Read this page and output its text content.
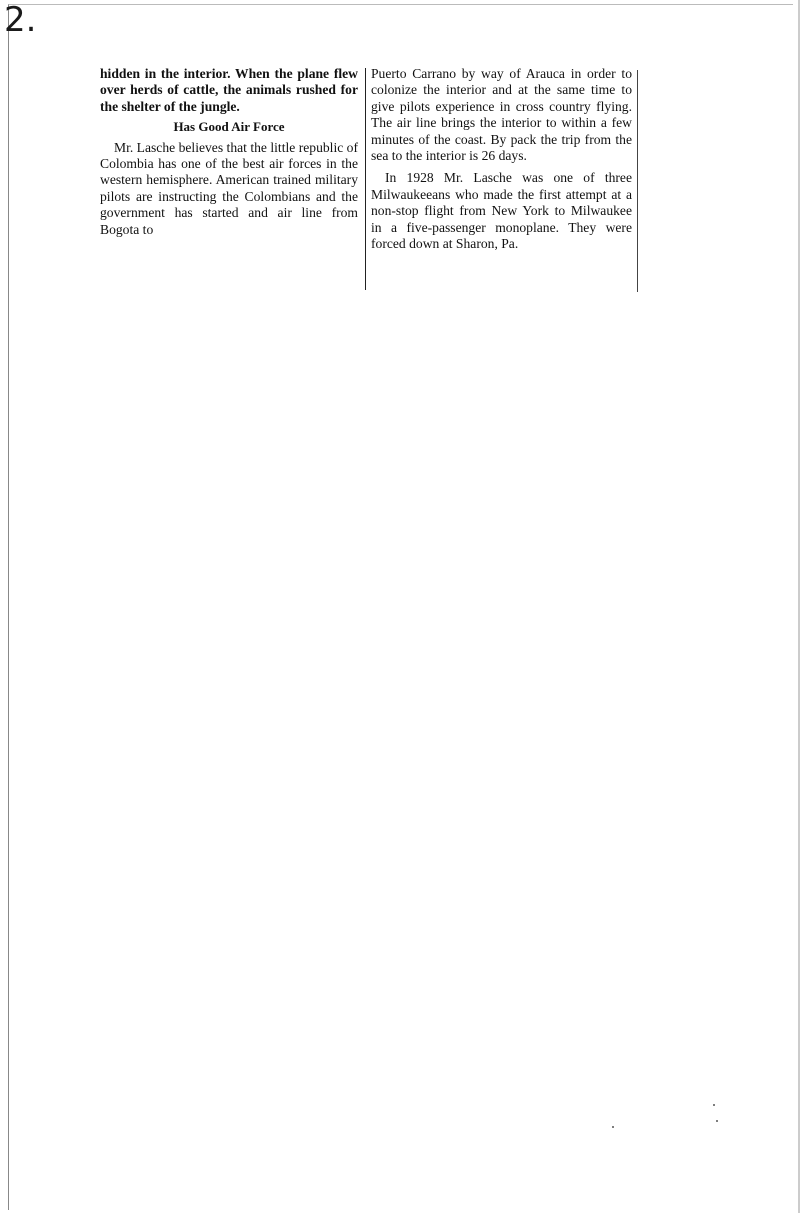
2.

hidden in the interior. When the plane flew over herds of cattle, the animals rushed for the shelter of the jungle.

Has Good Air Force

Mr. Lasche believes that the little republic of Colombia has one of the best air forces in the western hemisphere. American trained military pilots are instructing the Colombians and the government has started and air line from Bogota to

Puerto Carrano by way of Arauca in order to colonize the interior and at the same time to give pilots experience in cross country flying. The air line brings the interior to within a few minutes of the coast. By pack the trip from the sea to the interior is 26 days.

In 1928 Mr. Lasche was one of three Milwaukeeans who made the first attempt at a non-stop flight from New York to Milwaukee in a five-passenger monoplane. They were forced down at Sharon, Pa.
